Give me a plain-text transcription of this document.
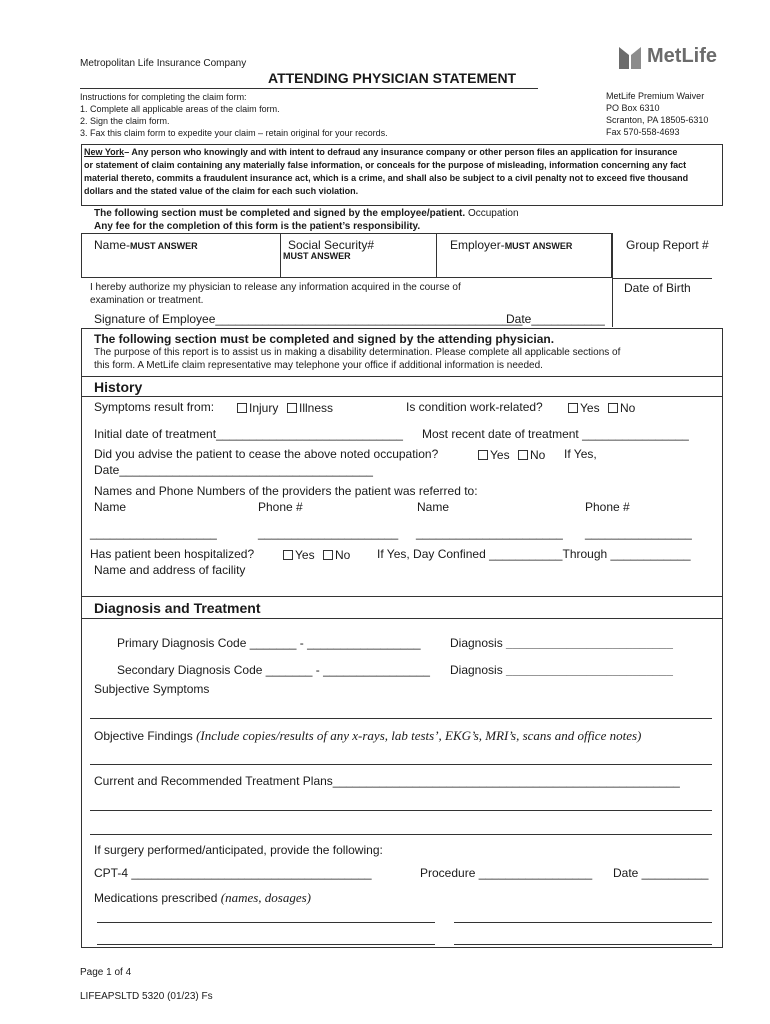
Metropolitan Life Insurance Company	MetLife
ATTENDING PHYSICIAN STATEMENT
Instructions for completing the claim form:
1. Complete all applicable areas of the claim form.
2. Sign the claim form.
3. Fax this claim form to expedite your claim – retain original for your records.
MetLife Premium Waiver
PO Box 6310
Scranton, PA 18505-6310
Fax 570-558-4693
New York– Any person who knowingly and with intent to defraud any insurance company or other person files an application for insurance
or statement of claim containing any materially false information, or conceals for the purpose of misleading, information concerning any fact
material thereto, commits a fraudulent insurance act, which is a crime, and shall also be subject to a civil penalty not to exceed five thousand
dollars and the stated value of the claim for each such violation.
The following section must be completed and signed by the employee/patient. Occupation
Any fee for the completion of this form is the patient’s responsibility.
Name-MUST ANSWER	Social Security#
MUST ANSWER
Employer-MUST ANSWER	Group Report #
I hereby authorize my physician to release any information acquired in the course of
examination or treatment.
Date of Birth
Signature of Employee______________________________________________
Date___________
The following section must be completed and signed by the attending physician.
The purpose of this report is to assist us in making a disability determination. Please complete all applicable sections of
this form. A MetLife claim representative may telephone your office if additional information is needed.
History
Symptoms result from:	Injury	Illness	Is condition work-related?	Yes	No
Initial date of treatment____________________________ Most recent date of treatment ________________
Did you advise the patient to cease the above noted occupation?	Yes	No If Yes,
Date______________________________________
Names and Phone Numbers of the providers the patient was referred to:
Name	Phone #	Name	Phone #
___________________	_____________________ ______________________ ________________
Has patient been hospitalized?	Yes	No If Yes, Day Confined ___________Through ____________
Name and address of facility
Diagnosis and Treatment
Primary Diagnosis Code _______ - _________________ Diagnosis _________________________
Secondary Diagnosis Code _______ - ________________ Diagnosis _________________________
Subjective Symptoms
Objective Findings (Include copies/results of any x-rays, lab tests’, EKG’s, MRI’s, scans and office notes)
Current and Recommended Treatment Plans____________________________________________________
If surgery performed/anticipated, provide the following:
CPT-4 ____________________________________	Procedure _________________ Date __________
Medications prescribed (names, dosages)
Page 1 of 4
LIFEAPSLTD 5320 (01/23) Fs
